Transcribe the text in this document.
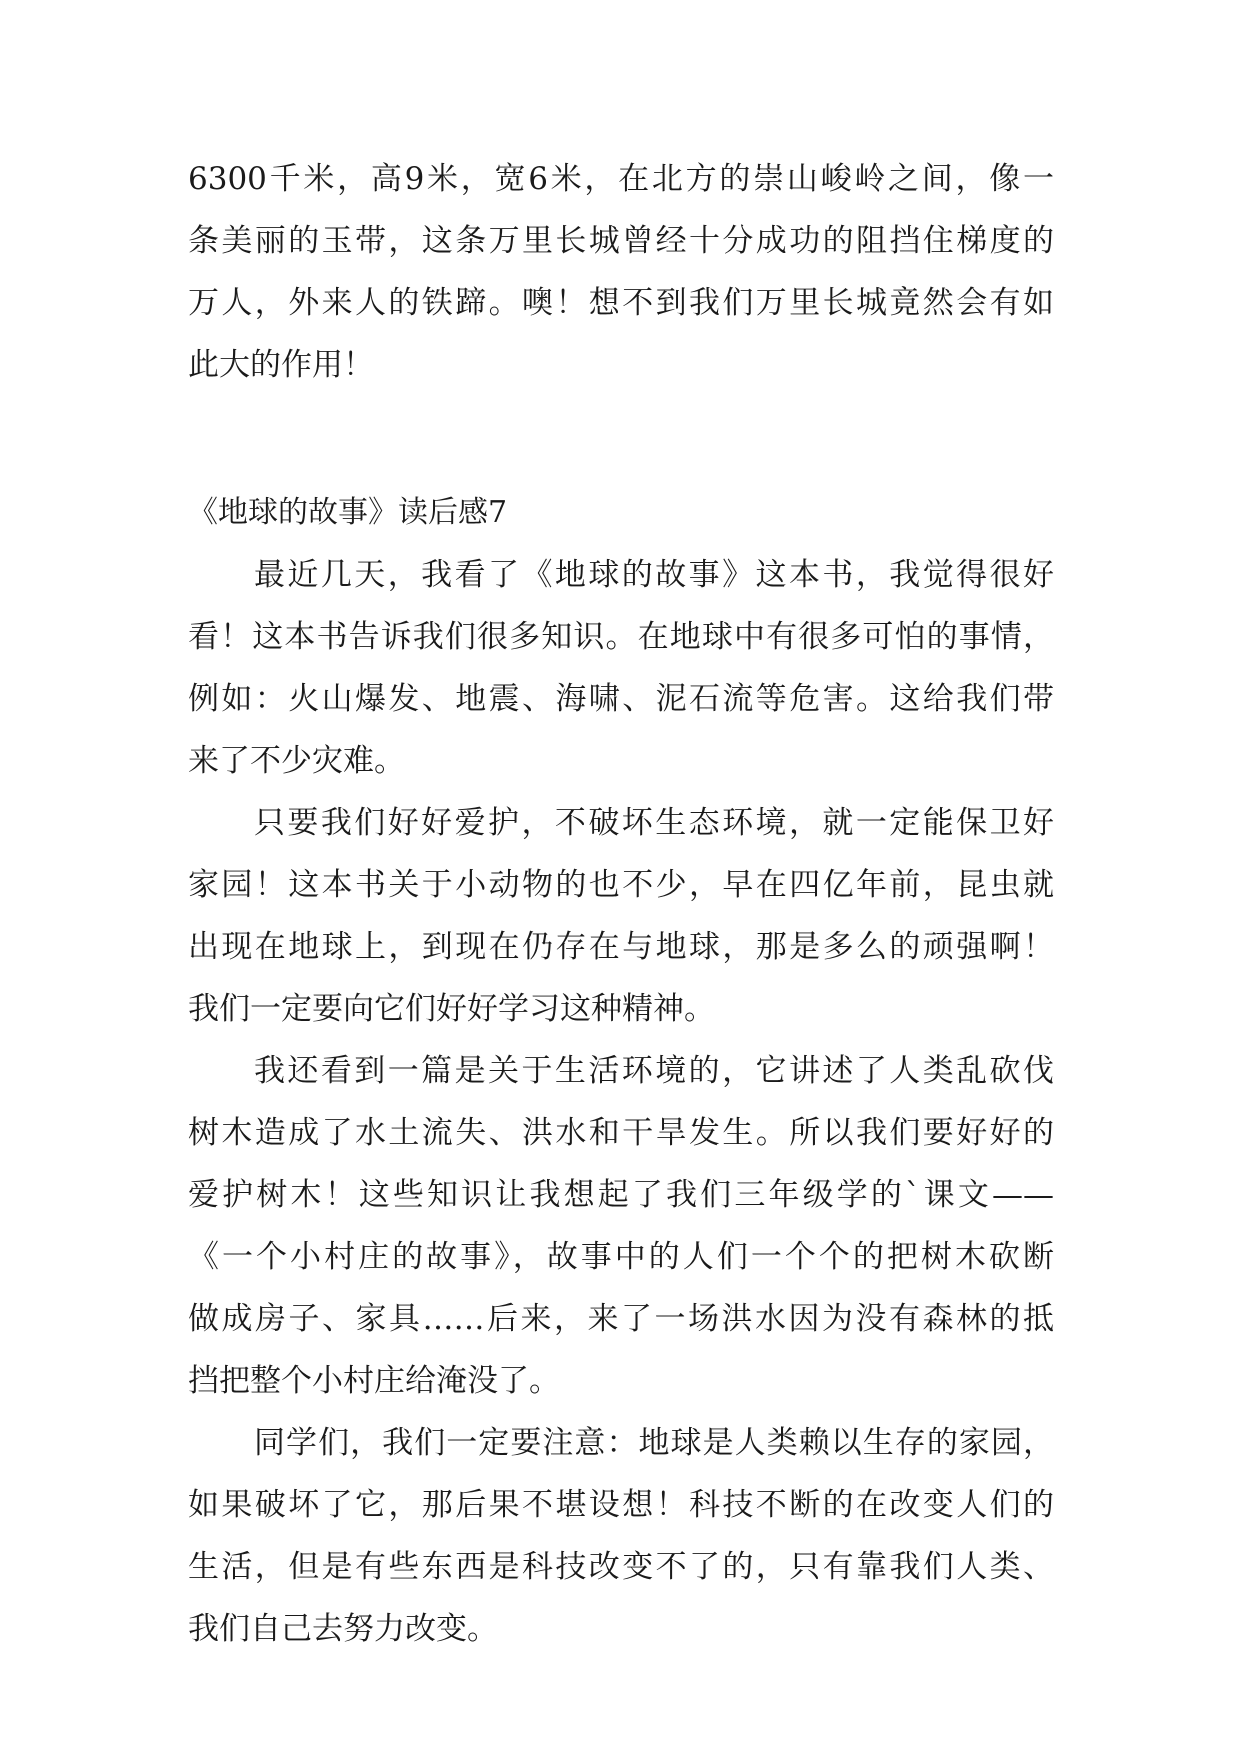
6300千米，高9米，宽6米，在北方的崇山峻岭之间，像一
条美丽的玉带，这条万里长城曾经十分成功的阻挡住梯度的
万人，外来人的铁蹄。噢！想不到我们万里长城竟然会有如
此大的作用！
《地球的故事》读后感7
最近几天，我看了《地球的故事》这本书，我觉得很好
看！这本书告诉我们很多知识。在地球中有很多可怕的事情，
例如：火山爆发、地震、海啸、泥石流等危害。这给我们带
来了不少灾难。
只要我们好好爱护，不破坏生态环境，就一定能保卫好
家园！这本书关于小动物的也不少，早在四亿年前，昆虫就
出现在地球上，到现在仍存在与地球，那是多么的顽强啊！
我们一定要向它们好好学习这种精神。
我还看到一篇是关于生活环境的，它讲述了人类乱砍伐
树木造成了水土流失、洪水和干旱发生。所以我们要好好的
爱护树木！这些知识让我想起了我们三年级学的`课文——
《一个小村庄的故事》，故事中的人们一个个的把树木砍断
做成房子、家具……后来，来了一场洪水因为没有森林的抵
挡把整个小村庄给淹没了。
同学们，我们一定要注意：地球是人类赖以生存的家园，
如果破坏了它，那后果不堪设想！科技不断的在改变人们的
生活，但是有些东西是科技改变不了的，只有靠我们人类、
我们自己去努力改变。
